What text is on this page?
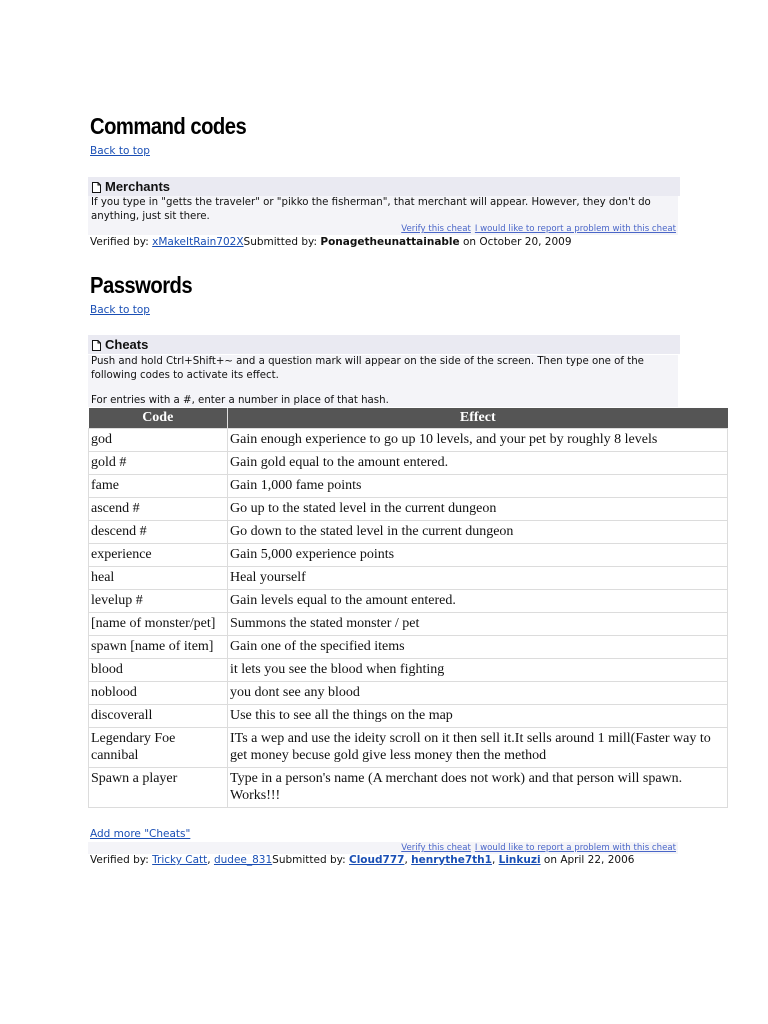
Command codes
Back to top
Merchants
If you type in "getts the traveler" or "pikko the fisherman", that merchant will appear. However, they don't do anything, just sit there.
Verify this cheat I would like to report a problem with this cheat
Verified by: xMakeItRain702XSubmitted by: Ponagetheunattainable on October 20, 2009
Passwords
Back to top
Cheats
Push and hold Ctrl+Shift+~ and a question mark will appear on the side of the screen. Then type one of the following codes to activate its effect.
For entries with a #, enter a number in place of that hash.
Code	Effect
god	Gain enough experience to go up 10 levels, and your pet by roughly 8 levels
gold #	Gain gold equal to the amount entered.
fame	Gain 1,000 fame points
ascend #	Go up to the stated level in the current dungeon
descend #	Go down to the stated level in the current dungeon
experience	Gain 5,000 experience points
heal	Heal yourself
levelup #	Gain levels equal to the amount entered.
[name of monster/pet]	Summons the stated monster / pet
spawn [name of item]	Gain one of the specified items
blood	it lets you see the blood when fighting
noblood	you dont see any blood
discoverall	Use this to see all the things on the map
Legendary Foe cannibal	ITs a wep and use the ideity scroll on it then sell it.It sells around 1 mill(Faster way to get money becuse gold give less money then the method
Spawn a player	Type in a person's name (A merchant does not work) and that person will spawn. Works!!!
Add more "Cheats"
Verify this cheat I would like to report a problem with this cheat
Verified by: Tricky Catt, dudee_831Submitted by: Cloud777, henrythe7th1, Linkuzi on April 22, 2006
